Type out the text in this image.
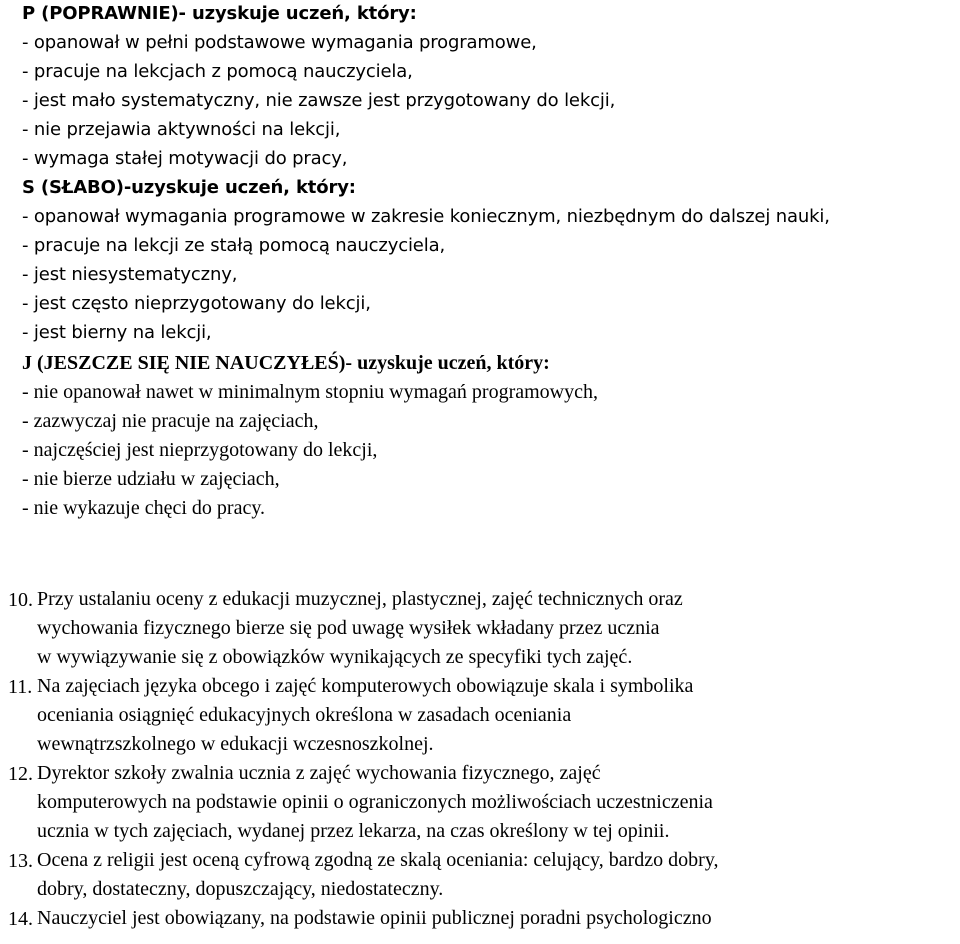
P (POPRAWNIE)- uzyskuje uczeń, który:
- opanował w pełni podstawowe wymagania programowe,
- pracuje na lekcjach z pomocą nauczyciela,
- jest mało systematyczny, nie zawsze jest przygotowany do lekcji,
- nie przejawia aktywności na lekcji,
- wymaga stałej motywacji do pracy,
S (SŁABO)-uzyskuje uczeń, który:
- opanował wymagania programowe w zakresie koniecznym, niezbędnym do dalszej nauki,
- pracuje na lekcji ze stałą pomocą nauczyciela,
- jest niesystematyczny,
- jest często nieprzygotowany do lekcji,
- jest bierny na lekcji,
J (JESZCZE SIĘ NIE NAUCZYŁEŚ)- uzyskuje uczeń, który:
- nie opanował nawet w minimalnym stopniu wymagań programowych,
- zazwyczaj nie pracuje na zajęciach,
- najczęściej jest nieprzygotowany do lekcji,
- nie bierze udziału w zajęciach,
- nie wykazuje chęci do pracy.
10. Przy ustalaniu oceny z edukacji muzycznej, plastycznej, zajęć technicznych oraz
wychowania fizycznego bierze się pod uwagę wysiłek wkładany przez ucznia
w wywiązywanie się z obowiązków wynikających ze specyfiki tych zajęć.
11. Na zajęciach języka obcego i zajęć komputerowych obowiązuje skala i symbolika
oceniania osiągnięć edukacyjnych określona w zasadach oceniania
wewnątrzszkolnego w edukacji wczesnoszkolnej.
12. Dyrektor szkoły zwalnia ucznia z zajęć wychowania fizycznego, zajęć
komputerowych na podstawie opinii o ograniczonych możliwościach uczestniczenia
ucznia w tych zajęciach, wydanej przez lekarza, na czas określony w tej opinii.
13. Ocena z religii jest oceną cyfrową zgodną ze skalą oceniania: celujący, bardzo dobry,
dobry, dostateczny, dopuszczający, niedostateczny.
14. Nauczyciel jest obowiązany, na podstawie opinii publicznej poradni psychologiczno
